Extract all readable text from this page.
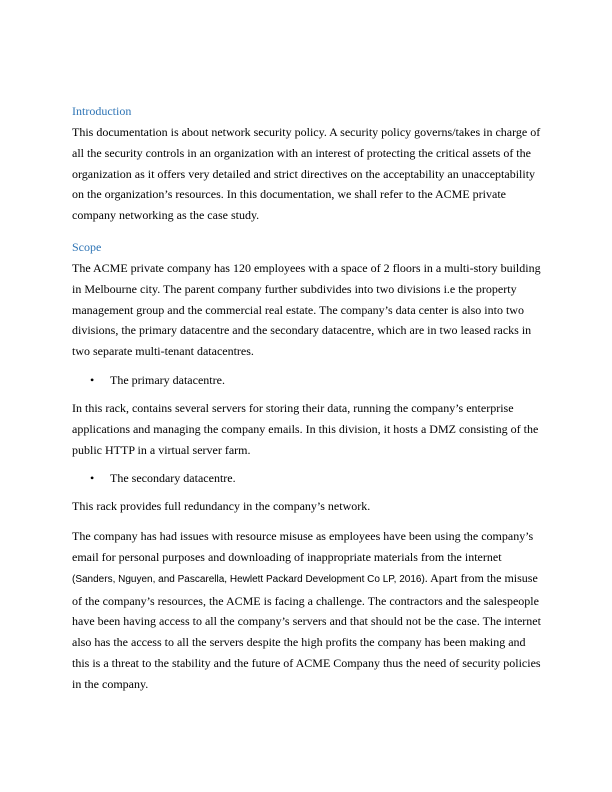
Introduction

This documentation is about network security policy. A security policy governs/takes in charge of all the security controls in an organization with an interest of protecting the critical assets of the organization as it offers very detailed and strict directives on the acceptability an unacceptability on the organization’s resources. In this documentation, we shall refer to the ACME private company networking as the case study.

Scope

The ACME private company has 120 employees with a space of 2 floors in a multi-story building in Melbourne city. The parent company further subdivides into two divisions i.e the property management group and the commercial real estate. The company’s data center is also into two divisions, the primary datacentre and the secondary datacentre, which are in two leased racks in two separate multi-tenant datacentres.

•	The primary datacentre.

In this rack, contains several servers for storing their data, running the company’s enterprise applications and managing the company emails. In this division, it hosts a DMZ consisting of the public HTTP in a virtual server farm.

•	The secondary datacentre.

This rack provides full redundancy in the company’s network.

The company has had issues with resource misuse as employees have been using the company’s email for personal purposes and downloading of inappropriate materials from the internet (Sanders, Nguyen, and Pascarella, Hewlett Packard Development Co LP, 2016). Apart from the misuse of the company’s resources, the ACME is facing a challenge. The contractors and the salespeople have been having access to all the company’s servers and that should not be the case. The internet also has the access to all the servers despite the high profits the company has been making and this is a threat to the stability and the future of ACME Company thus the need of security policies in the company.
